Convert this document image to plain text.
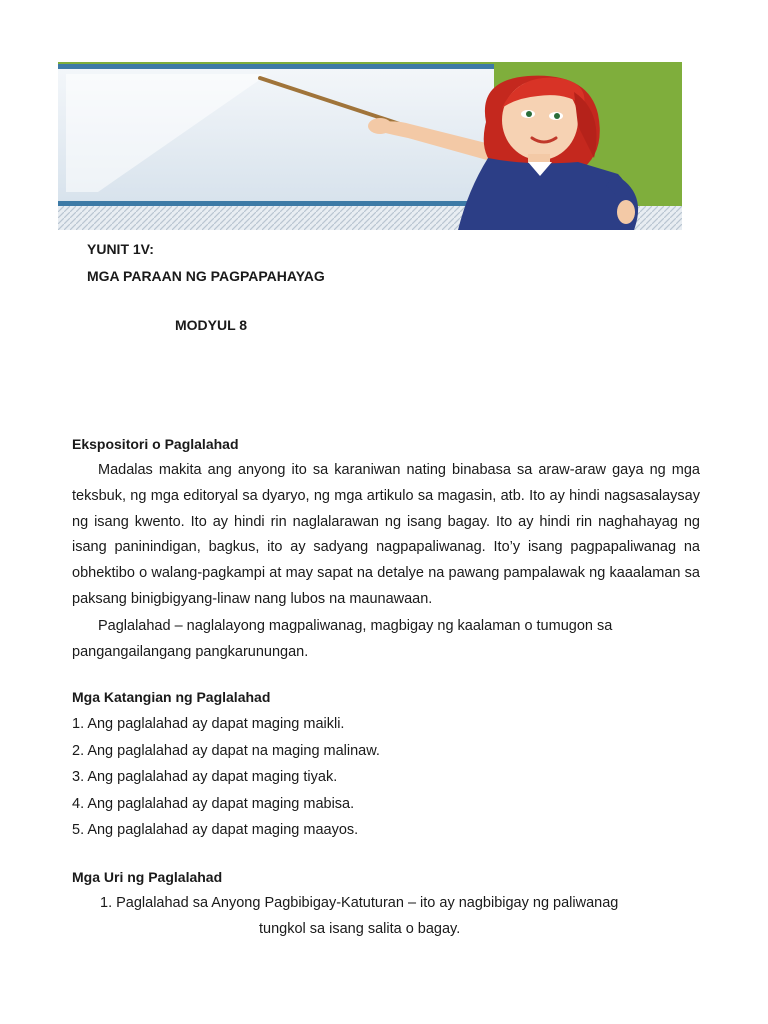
YUNIT 1V:
MGA PARAAN NG PAGPAPAHAYAG
MODYUL 8
Ekspositori o Paglalahad
Madalas makita ang anyong ito sa karaniwan nating binabasa sa araw-araw gaya ng mga teksbuk, ng mga editoryal sa dyaryo, ng mga artikulo sa magasin, atb. Ito ay hindi nagsasalaysay ng isang kwento. Ito ay hindi rin naglalarawan ng isang bagay. Ito ay hindi rin naghahayag ng isang paninindigan, bagkus, ito ay sadyang nagpapaliwanag. Ito’y isang pagpapaliwanag na obhektibo o walang-pagkampi at may sapat na detalye na pawang pampalawak ng kaaalaman sa paksang binigbigyang-linaw nang lubos na maunawaan.
Paglalahad – naglalayong magpaliwanag, magbigay ng kaalaman o tumugon sa pangangailangang pangkarunungan.
Mga Katangian ng Paglalahad
1. Ang paglalahad ay dapat maging maikli.
2. Ang paglalahad ay dapat na maging malinaw.
3. Ang paglalahad ay dapat maging tiyak.
4. Ang paglalahad ay dapat maging mabisa.
5. Ang paglalahad ay dapat maging maayos.
Mga Uri ng Paglalahad
1. Paglalahad sa Anyong Pagbibigay-Katuturan – ito ay nagbibigay ng paliwanag
tungkol sa isang salita o bagay.
